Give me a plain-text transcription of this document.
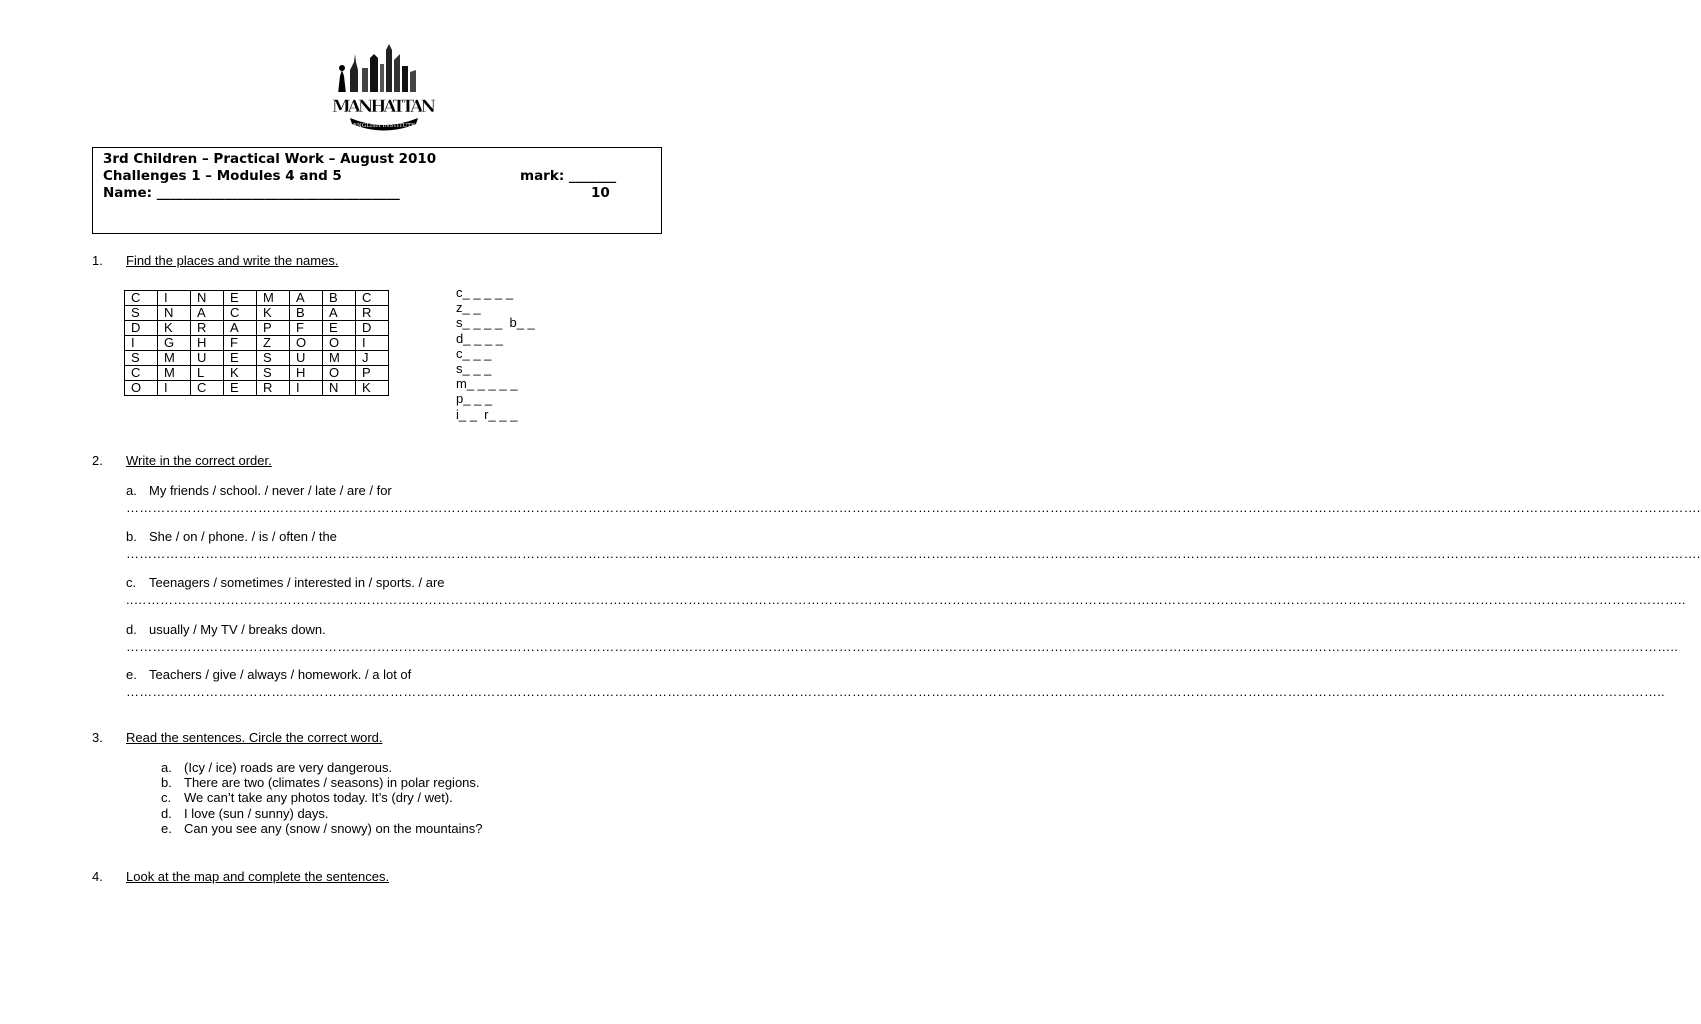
ENGLISH INSTITUTE
MANHATTAN
3rd Children – Practical Work – August 2010
Challenges 1 – Modules 4 and 5	mark: _______
Name: ____________________________________	10
1. Find the places and write the names.
C	I	N	E	M	A	B	C
S	N	A	C	K	B	A	R
D	K	R	A	P	F	E	D
I	G	H	F	Z	O	O	I
S	M	U	E	S	U	M	J
C	M	L	K	S	H	O	P
O	I	C	E	R	I	N	K
c_ _ _ _ _
z_ _
s_ _ _ _  b_ _
d_ _ _ _
c_ _ _
s_ _ _
m_ _ _ _ _
p_ _ _
i_ _  r_ _ _
2. Write in the correct order.
a. My friends / school. / never / late / are / for
…………………………………………………………………………………………………………………………………………………………………………………………………………………………………………………………………………………………………………………………….
b. She / on / phone. / is / often / the
…………………………………………………………………………………………………………………………………………………………………………………………………………………………………………………………………………………………………………………………….
c. Teenagers / sometimes / interested in / sports. / are
..………………………………………………………………………………………………………………………………………………………………………………………………………………………………………………………………………………………………………………………..
d. usually / My TV / breaks down.
………………………………………………………………………………………………………………………………………………………………………………………………………………………………………………………………………………………………………………………..
e. Teachers / give / always / homework. / a lot of
……………………………………………………………………………………………………………………………………………………………………………………………………………………………………………………………………………………………………………………..
3. Read the sentences. Circle the correct word.
a. (Icy / ice) roads are very dangerous.
b. There are two (climates / seasons) in polar regions.
c. We can’t take any photos today. It’s (dry / wet).
d. I love (sun / sunny) days.
e. Can you see any (snow / snowy) on the mountains?
4. Look at the map and complete the sentences.
